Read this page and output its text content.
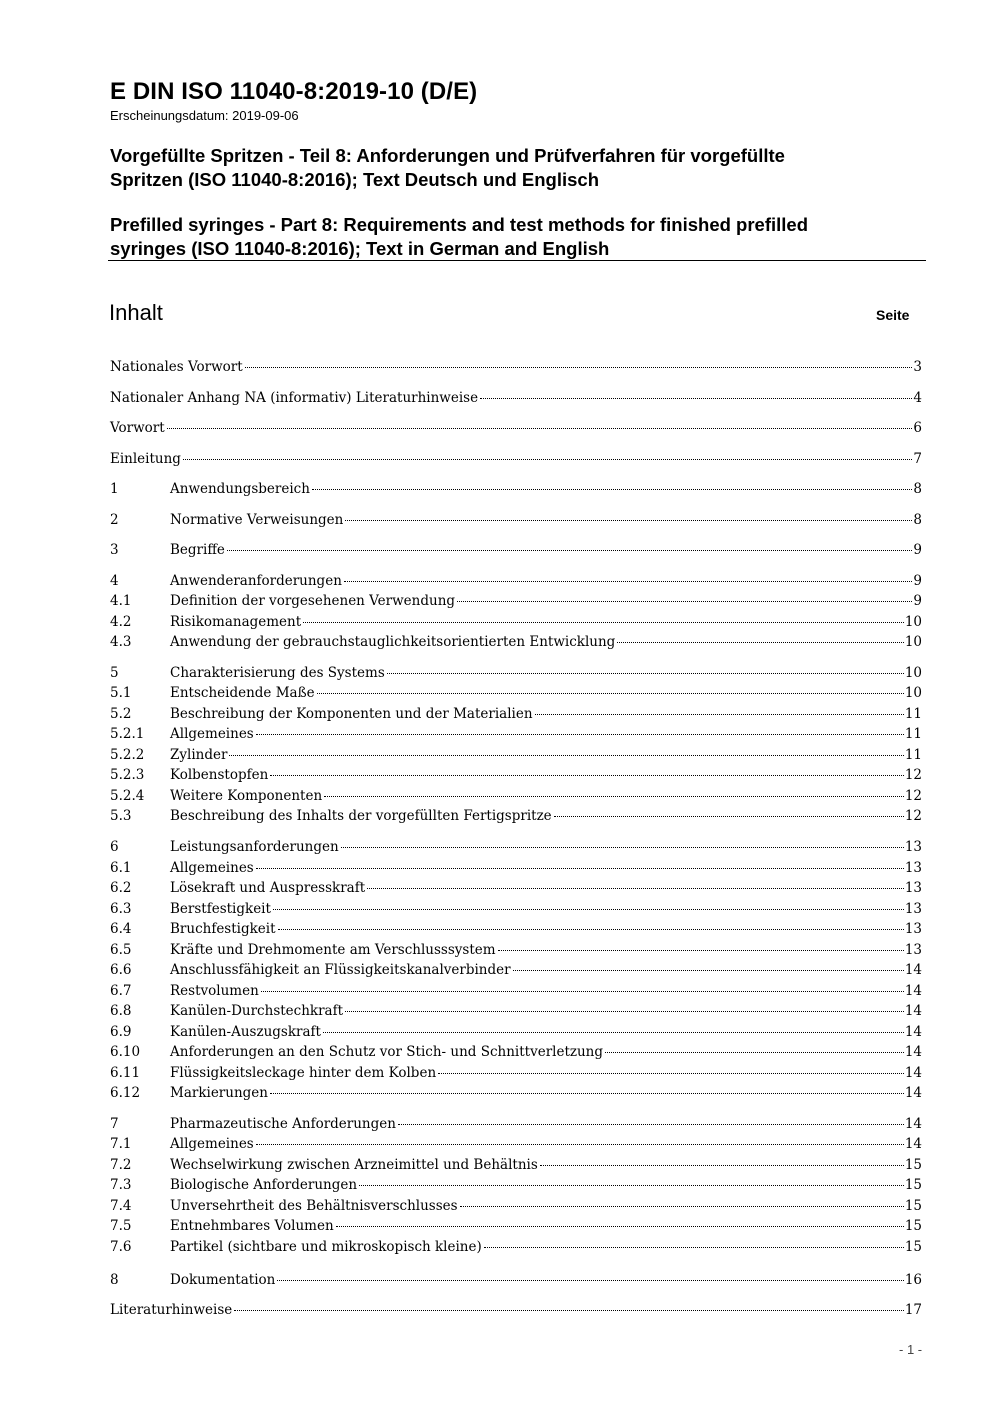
E DIN ISO 11040-8:2019-10 (D/E)
Erscheinungsdatum: 2019-09-06
Vorgefüllte Spritzen - Teil 8: Anforderungen und Prüfverfahren für vorgefüllte
Spritzen (ISO 11040-8:2016); Text Deutsch und Englisch
Prefilled syringes - Part 8: Requirements and test methods for finished prefilled
syringes (ISO 11040-8:2016); Text in German and English
Inhalt	Seite
Nationales Vorwort	3
Nationaler Anhang NA (informativ) Literaturhinweise	4
Vorwort	6
Einleitung	7
1	Anwendungsbereich	8
2	Normative Verweisungen	8
3	Begriffe	9
4	Anwenderanforderungen	9
4.1	Definition der vorgesehenen Verwendung	9
4.2	Risikomanagement	10
4.3	Anwendung der gebrauchstauglichkeitsorientierten Entwicklung	10
5	Charakterisierung des Systems	10
5.1	Entscheidende Maße	10
5.2	Beschreibung der Komponenten und der Materialien	11
5.2.1	Allgemeines	11
5.2.2	Zylinder	11
5.2.3	Kolbenstopfen	12
5.2.4	Weitere Komponenten	12
5.3	Beschreibung des Inhalts der vorgefüllten Fertigspritze	12
6	Leistungsanforderungen	13
6.1	Allgemeines	13
6.2	Lösekraft und Auspresskraft	13
6.3	Berstfestigkeit	13
6.4	Bruchfestigkeit	13
6.5	Kräfte und Drehmomente am Verschlusssystem	13
6.6	Anschlussfähigkeit an Flüssigkeitskanalverbinder	14
6.7	Restvolumen	14
6.8	Kanülen-Durchstechkraft	14
6.9	Kanülen-Auszugskraft	14
6.10	Anforderungen an den Schutz vor Stich- und Schnittverletzung	14
6.11	Flüssigkeitsleckage hinter dem Kolben	14
6.12	Markierungen	14
7	Pharmazeutische Anforderungen	14
7.1	Allgemeines	14
7.2	Wechselwirkung zwischen Arzneimittel und Behältnis	15
7.3	Biologische Anforderungen	15
7.4	Unversehrtheit des Behältnisverschlusses	15
7.5	Entnehmbares Volumen	15
7.6	Partikel (sichtbare und mikroskopisch kleine)	15
8	Dokumentation	16
Literaturhinweise	17
- 1 -
